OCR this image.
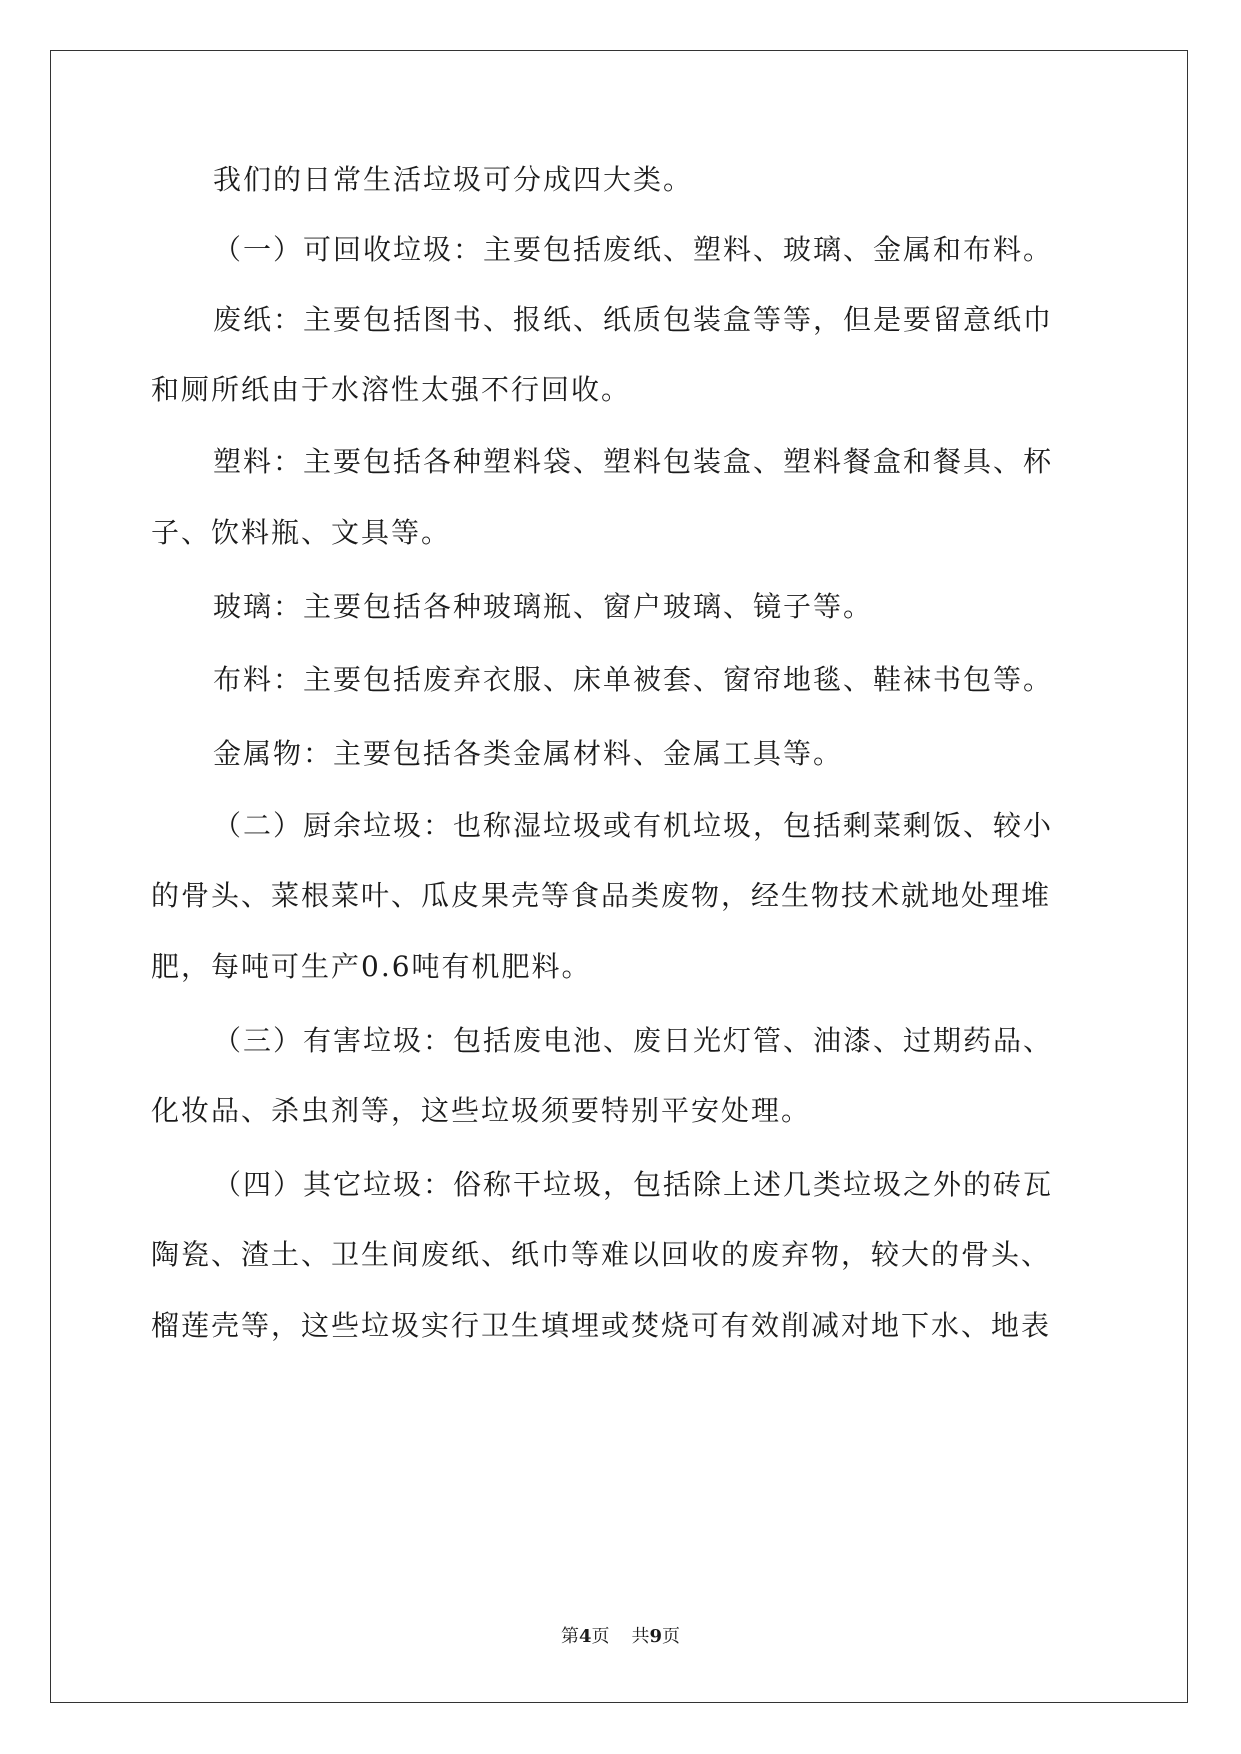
我们的日常生活垃圾可分成四大类。
（一）可回收垃圾：主要包括废纸、塑料、玻璃、金属和布料。
废纸：主要包括图书、报纸、纸质包装盒等等，但是要留意纸巾
和厕所纸由于水溶性太强不行回收。
塑料：主要包括各种塑料袋、塑料包装盒、塑料餐盒和餐具、杯
子、饮料瓶、文具等。
玻璃：主要包括各种玻璃瓶、窗户玻璃、镜子等。
布料：主要包括废弃衣服、床单被套、窗帘地毯、鞋袜书包等。
金属物：主要包括各类金属材料、金属工具等。
（二）厨余垃圾：也称湿垃圾或有机垃圾，包括剩菜剩饭、较小
的骨头、菜根菜叶、瓜皮果壳等食品类废物，经生物技术就地处理堆
肥，每吨可生产0.6吨有机肥料。
（三）有害垃圾：包括废电池、废日光灯管、油漆、过期药品、
化妆品、杀虫剂等，这些垃圾须要特别平安处理。
（四）其它垃圾：俗称干垃圾，包括除上述几类垃圾之外的砖瓦
陶瓷、渣土、卫生间废纸、纸巾等难以回收的废弃物，较大的骨头、
榴莲壳等，这些垃圾实行卫生填埋或焚烧可有效削减对地下水、地表
第4页 共9页
